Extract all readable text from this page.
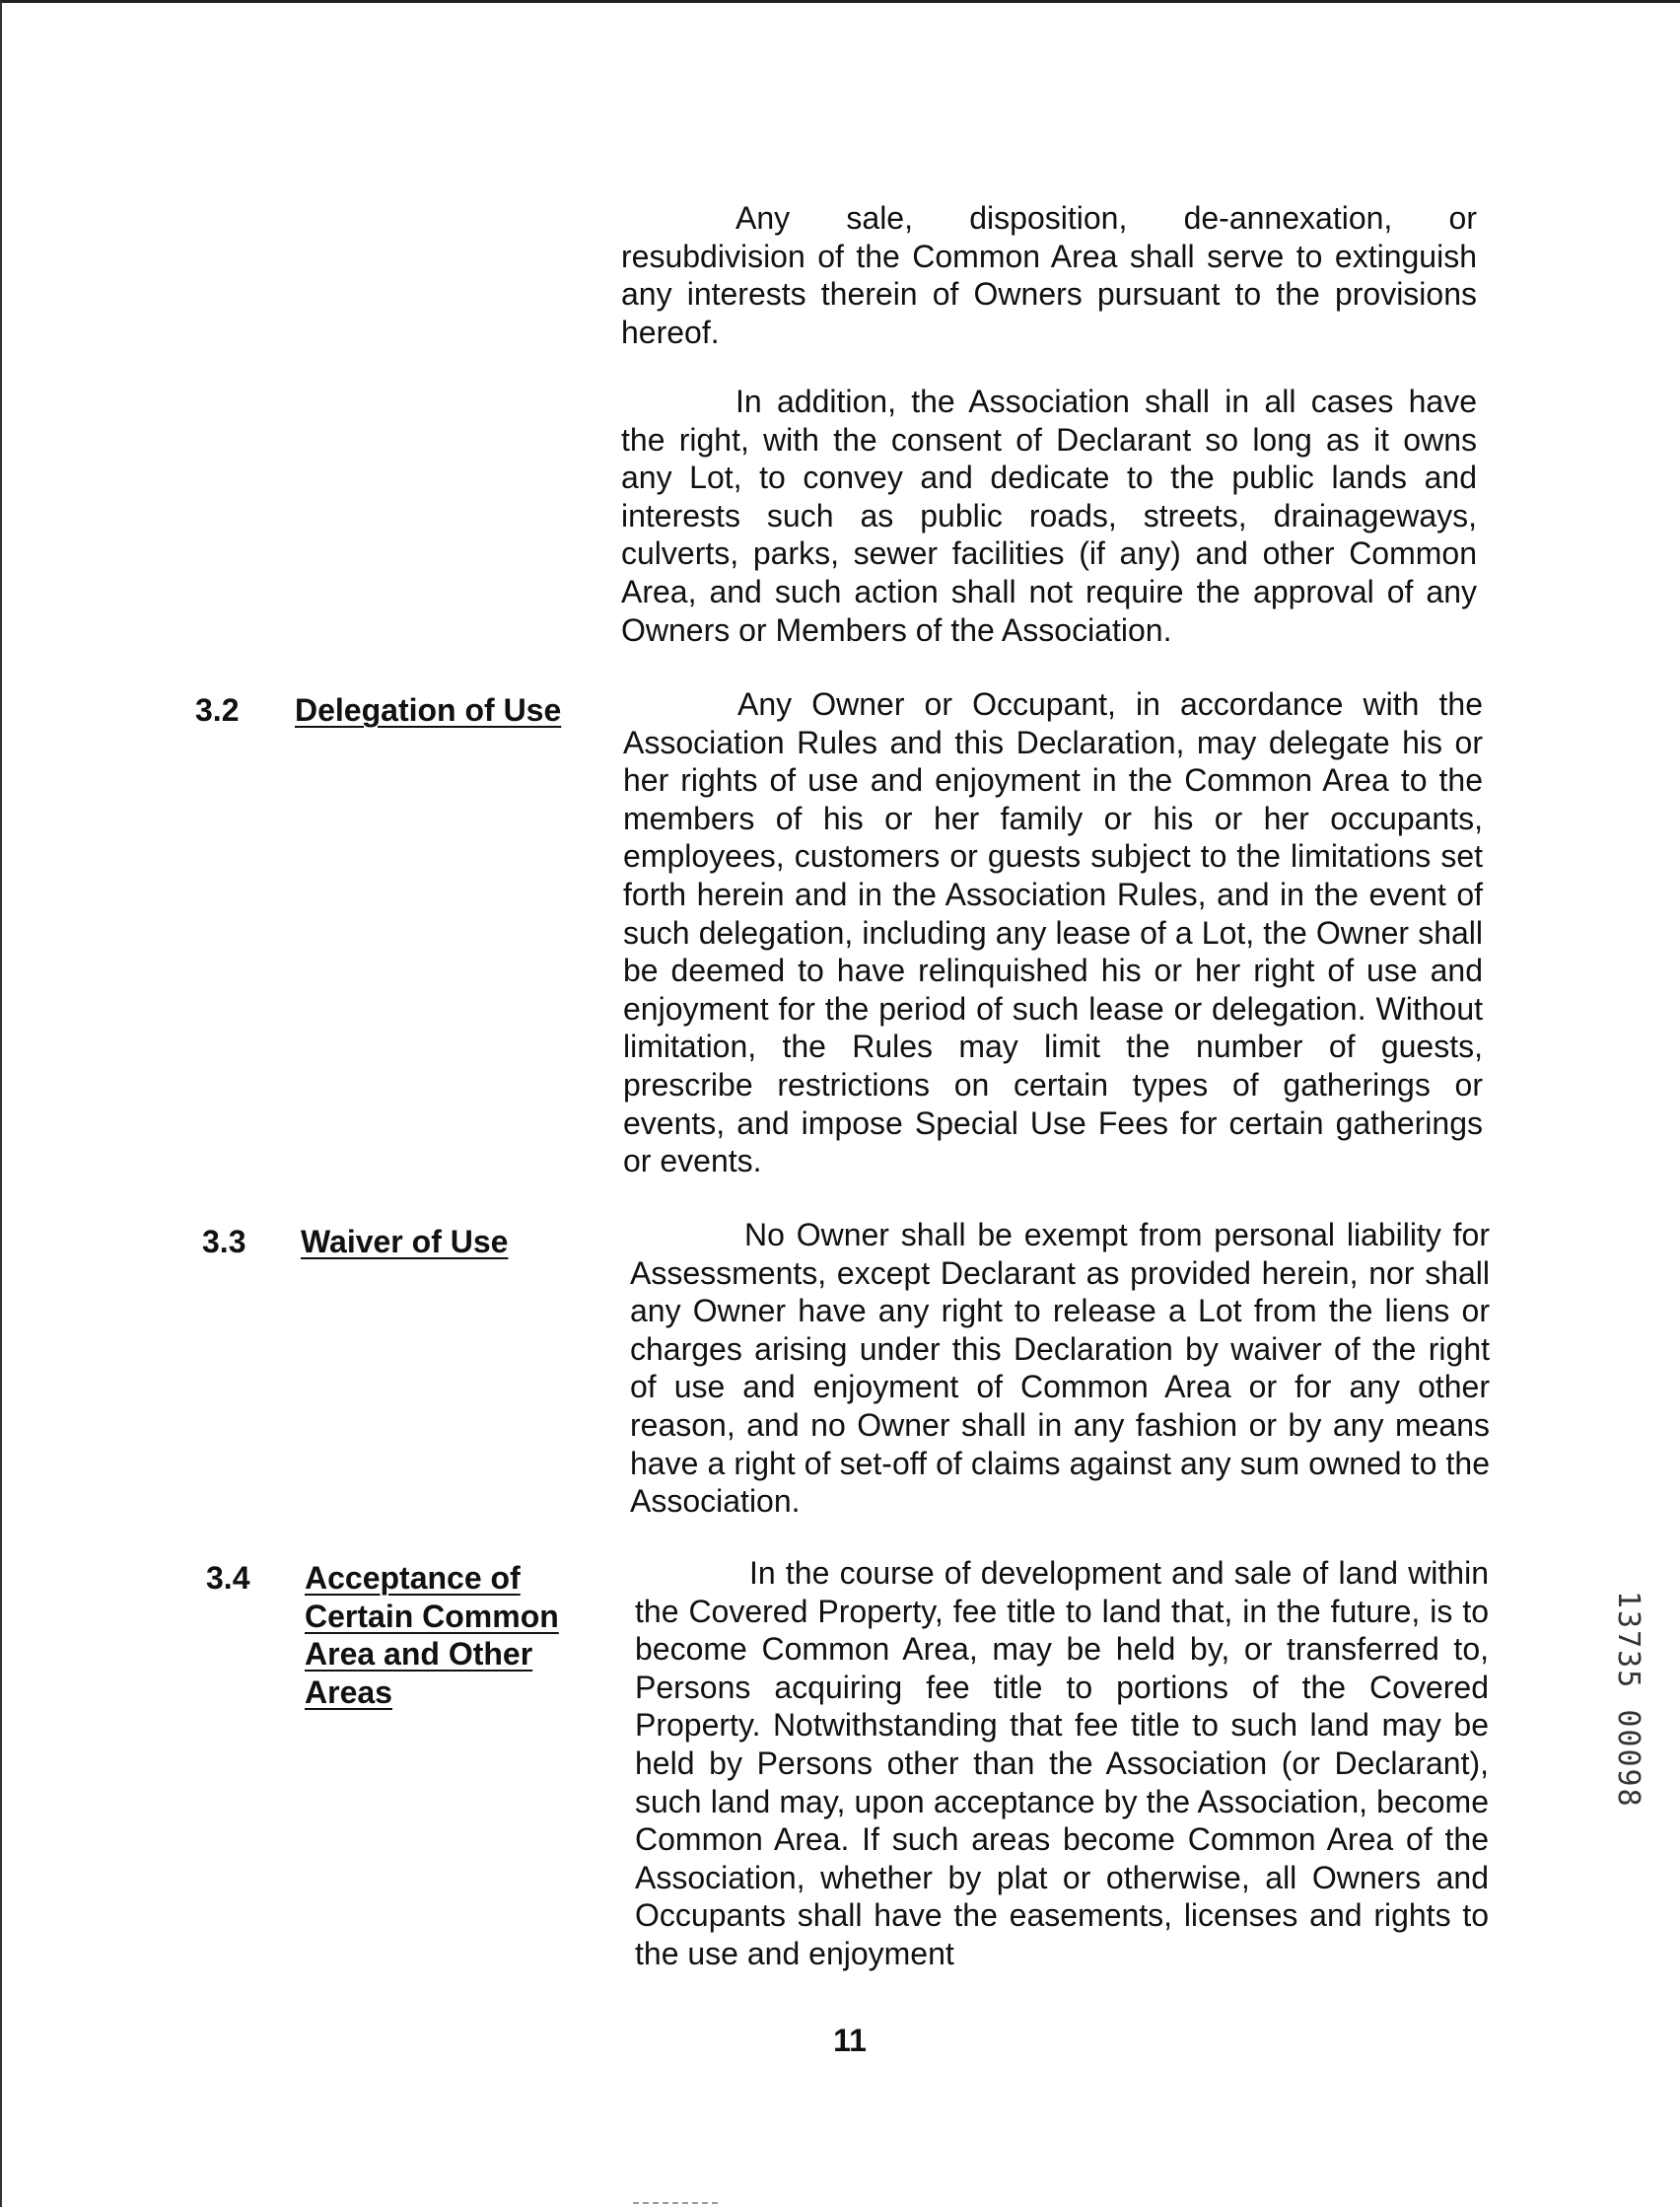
Any sale, disposition, de-annexation, or resubdivision of the Common Area shall serve to extinguish any interests therein of Owners pursuant to the provisions hereof.

In addition, the Association shall in all cases have the right, with the consent of Declarant so long as it owns any Lot, to convey and dedicate to the public lands and interests such as public roads, streets, drainageways, culverts, parks, sewer facilities (if any) and other Common Area, and such action shall not require the approval of any Owners or Members of the Association.

3.2 Delegation of Use	Any Owner or Occupant, in accordance with the Association Rules and this Declaration, may delegate his or her rights of use and enjoyment in the Common Area to the members of his or her family or his or her occupants, employees, customers or guests subject to the limitations set forth herein and in the Association Rules, and in the event of such delegation, including any lease of a Lot, the Owner shall be deemed to have relinquished his or her right of use and enjoyment for the period of such lease or delegation. Without limitation, the Rules may limit the number of guests, prescribe restrictions on certain types of gatherings or events, and impose Special Use Fees for certain gatherings or events.

3.3 Waiver of Use	No Owner shall be exempt from personal liability for Assessments, except Declarant as provided herein, nor shall any Owner have any right to release a Lot from the liens or charges arising under this Declaration by waiver of the right of use and enjoyment of Common Area or for any other reason, and no Owner shall in any fashion or by any means have a right of set-off of claims against any sum owned to the Association.

3.4 Acceptance of Certain Common Area and Other Areas

In the course of development and sale of land within the Covered Property, fee title to land that, in the future, is to become Common Area, may be held by, or transferred to, Persons acquiring fee title to portions of the Covered Property. Notwithstanding that fee title to such land may be held by Persons other than the Association (or Declarant), such land may, upon acceptance by the Association, become Common Area. If such areas become Common Area of the Association, whether by plat or otherwise, all Owners and Occupants shall have the easements, licenses and rights to the use and enjoyment

11
13735 00098
